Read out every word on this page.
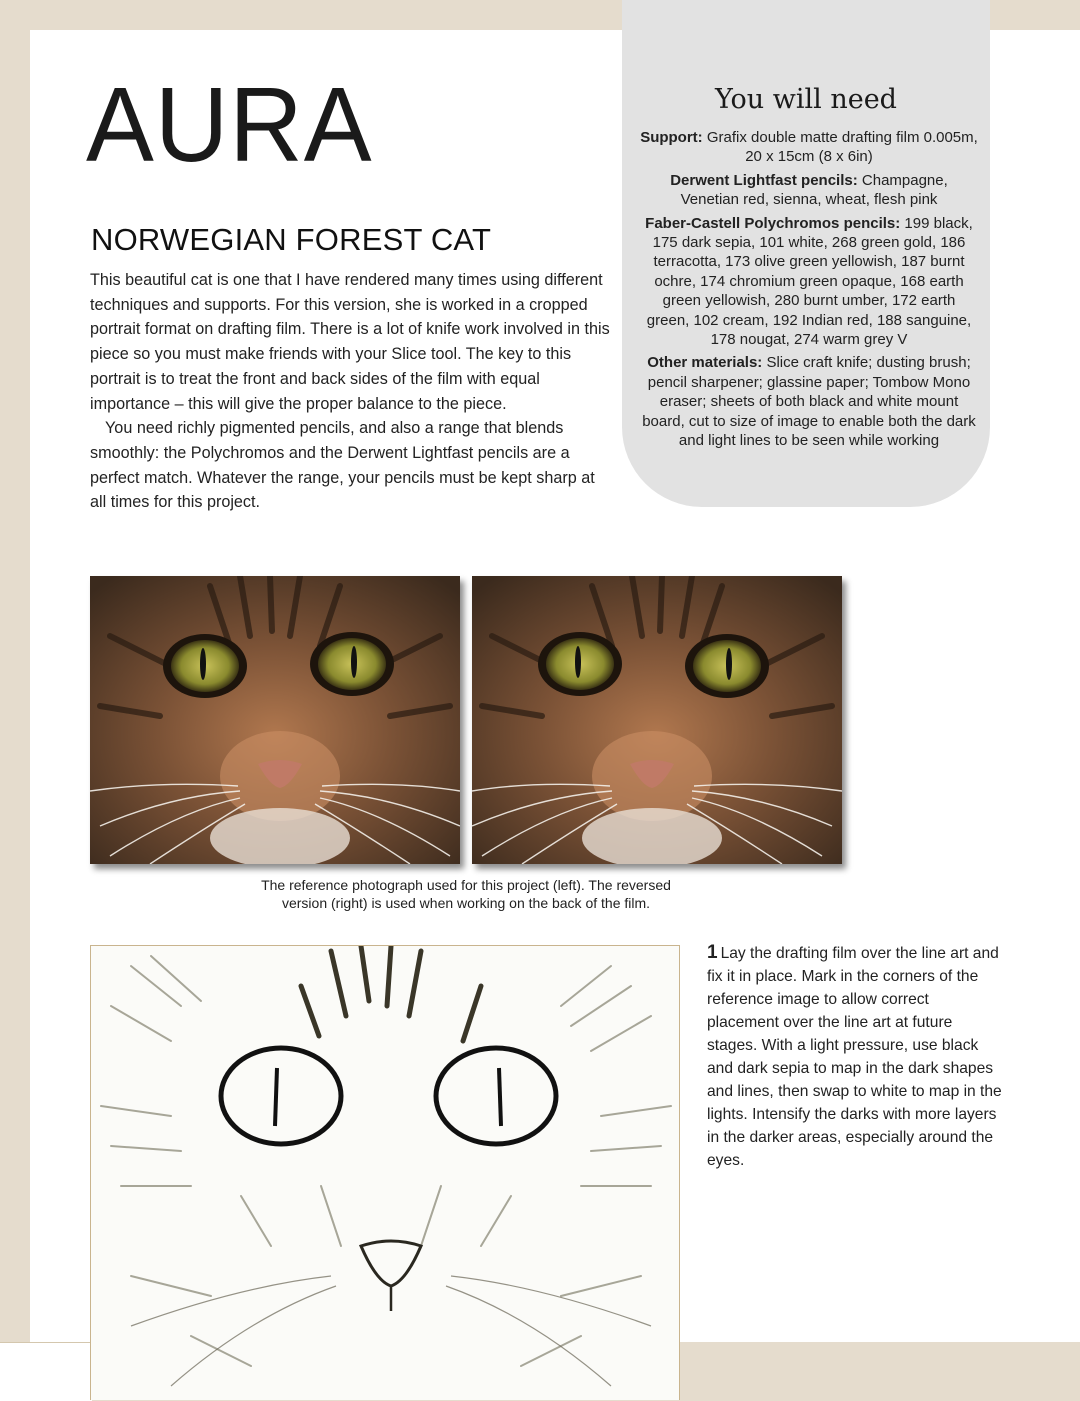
AURA
NORWEGIAN FOREST CAT

This beautiful cat is one that I have rendered many times using different techniques and supports. For this version, she is worked in a cropped portrait format on drafting film. There is a lot of knife work involved in this piece so you must make friends with your Slice tool. The key to this portrait is to treat the front and back sides of the film with equal importance – this will give the proper balance to the piece.

You need richly pigmented pencils, and also a range that blends smoothly: the Polychromos and the Derwent Lightfast pencils are a perfect match. Whatever the range, your pencils must be kept sharp at all times for this project.

You will need

Support: Grafix double matte drafting film 0.005m, 20 x 15cm (8 x 6in)

Derwent Lightfast pencils: Champagne, Venetian red, sienna, wheat, flesh pink

Faber-Castell Polychromos pencils: 199 black, 175 dark sepia, 101 white, 268 green gold, 186 terracotta, 173 olive green yellowish, 187 burnt ochre, 174 chromium green opaque, 168 earth green yellowish, 280 burnt umber, 172 earth green, 102 cream, 192 Indian red, 188 sanguine, 178 nougat, 274 warm grey V

Other materials: Slice craft knife; dusting brush; pencil sharpener; glassine paper; Tombow Mono eraser; sheets of both black and white mount board, cut to size of image to enable both the dark and light lines to be seen while working

The reference photograph used for this project (left). The reversed version (right) is used when working on the back of the film.
1 Lay the drafting film over the line art and fix it in place. Mark in the corners of the reference image to allow correct placement over the line art at future stages. With a light pressure, use black and dark sepia to map in the dark shapes and lines, then swap to white to map in the lights. Intensify the darks with more layers in the darker areas, especially around the eyes.
